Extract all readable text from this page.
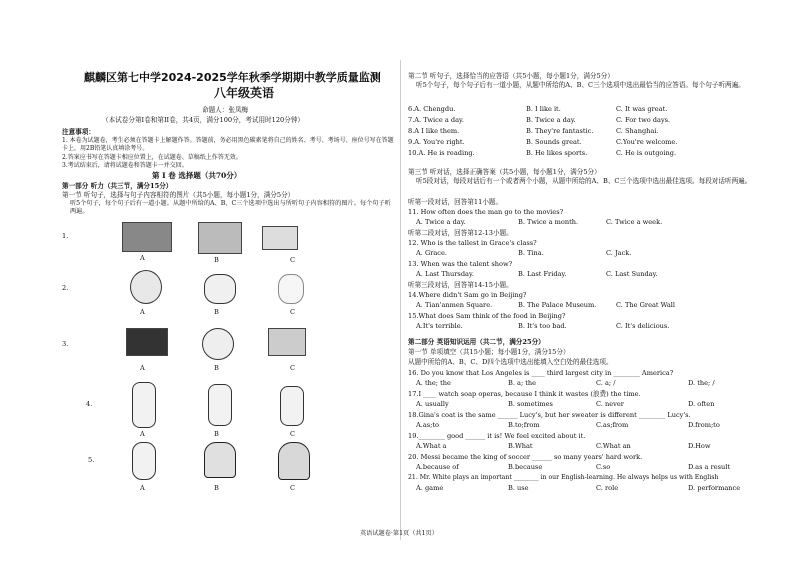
麒麟区第七中学2024-2025学年秋季学期期中教学质量监测
八年级英语
命题人：张凤梅
（本试卷分第I卷和第II卷，共4页，满分100分，考试用时120分钟）
注意事项：
1. 本卷为试题卷，考生必须在答题卡上解题作答。答题前，务必用黑色碳素笔将自己的姓名、考号、考场号、座位号写在答题卡上，用2B铅笔认真填涂考号。
2.答案应书写在答题卡相应位置上，在试题卷、草稿纸上作答无效。
3.考试结束后，请将试题卷和答题卡一并交回。
第 I 卷 选择题（共70分）
第一部分 听力（共三节，满分15分）
第一节 听句子，选择与句子内容相符的图片（共5小题，每小题1分，满分5分）
听5个句子，每个句子后有一道小题。从题中所给的A、B、C三个选项中选出与所听句子内容相符的图片。每个句子听两遍。
1.
A	B	C
2.
A	B	C
3.
A	B	C
4.
A	B	C
5.
A	B	C
第二节 听句子，选择恰当的应答语（共5小题，每小题1分，满分5分）
听5个句子，每个句子后有一道小题，从题中所给的A、B、C三个选项中选出最恰当的应答语。每个句子听两遍。
6.A. Chengdu.	B. I like it.	C. It was great.
7.A. Twice a day.	B. Twice a day.	C. For two days.
8.A I like them.	B. They're fantastic.	C. Shanghai.
9.A. You're right.	B. Sounds great.	C.You're welcome.
10.A. He is reading.	B. He likes sports.	C. He is outgoing.
第三节 听对话，选择正确答案（共5小题，每小题1分，满分5分）
听5段对话，每段对话后有一个或者两个小题，从题中所给的A、B、C三个选项中选出最佳选项。每段对话听两遍。
听第一段对话，回答第11小题。
11. How often does the man go to the movies?
A. Twice a day.	B. Twice a month.	C. Twice a week.
听第二段对话，回答第12-13小题。
12. Who is the tallest in Grace's class?
A. Grace.	B. Tina.	C. Jack.
13. When was the talent show?
A. Last Thursday.	B. Last Friday.	C. Last Sunday.
听第三段对话，回答第14-15小题。
14.Where didn't Sam go in Beijing?
A. Tian'anmen Square.	B. The Palace Museum.	C. The Great Wall
15.What does Sam think of the food in Beijing?
A.It's terrible.	B. It's too bad.	C. It's delicious.
第二部分 英语知识运用（共二节，满分25分）
第一节 单项填空（共15小题；每小题1分，满分15分）
从题中所给的A、B、C、D四个选项中选出能填入空白处的最佳选项。
16. Do you know that Los Angeles is ____ third largest city in ________ America?
A. the; the	B. a; the	C. a; /	D. the; /
17.I ____ watch soap operas, because I think it wastes (浪费) the time.
A. usually	B. sometimes	C. never	D. often
18.Gina's coat is the same ______ Lucy's, but her sweater is different ________ Lucy's.
A.as;to	B.to;from	C.as;from	D.from;to
19.________ good ______ it is! We feel excited about it.
A.What a	B.What	C.What an	D.How
20. Messi became the king of soccer ______ so many years' hard work.
A.because of	B.because	C.so	D.as a result
21. Mr. White plays an important ________ in our English-learning. He always helps us with English
A. game	B. use	C. role	D. performance
英语试题卷·第1页（共1页）
